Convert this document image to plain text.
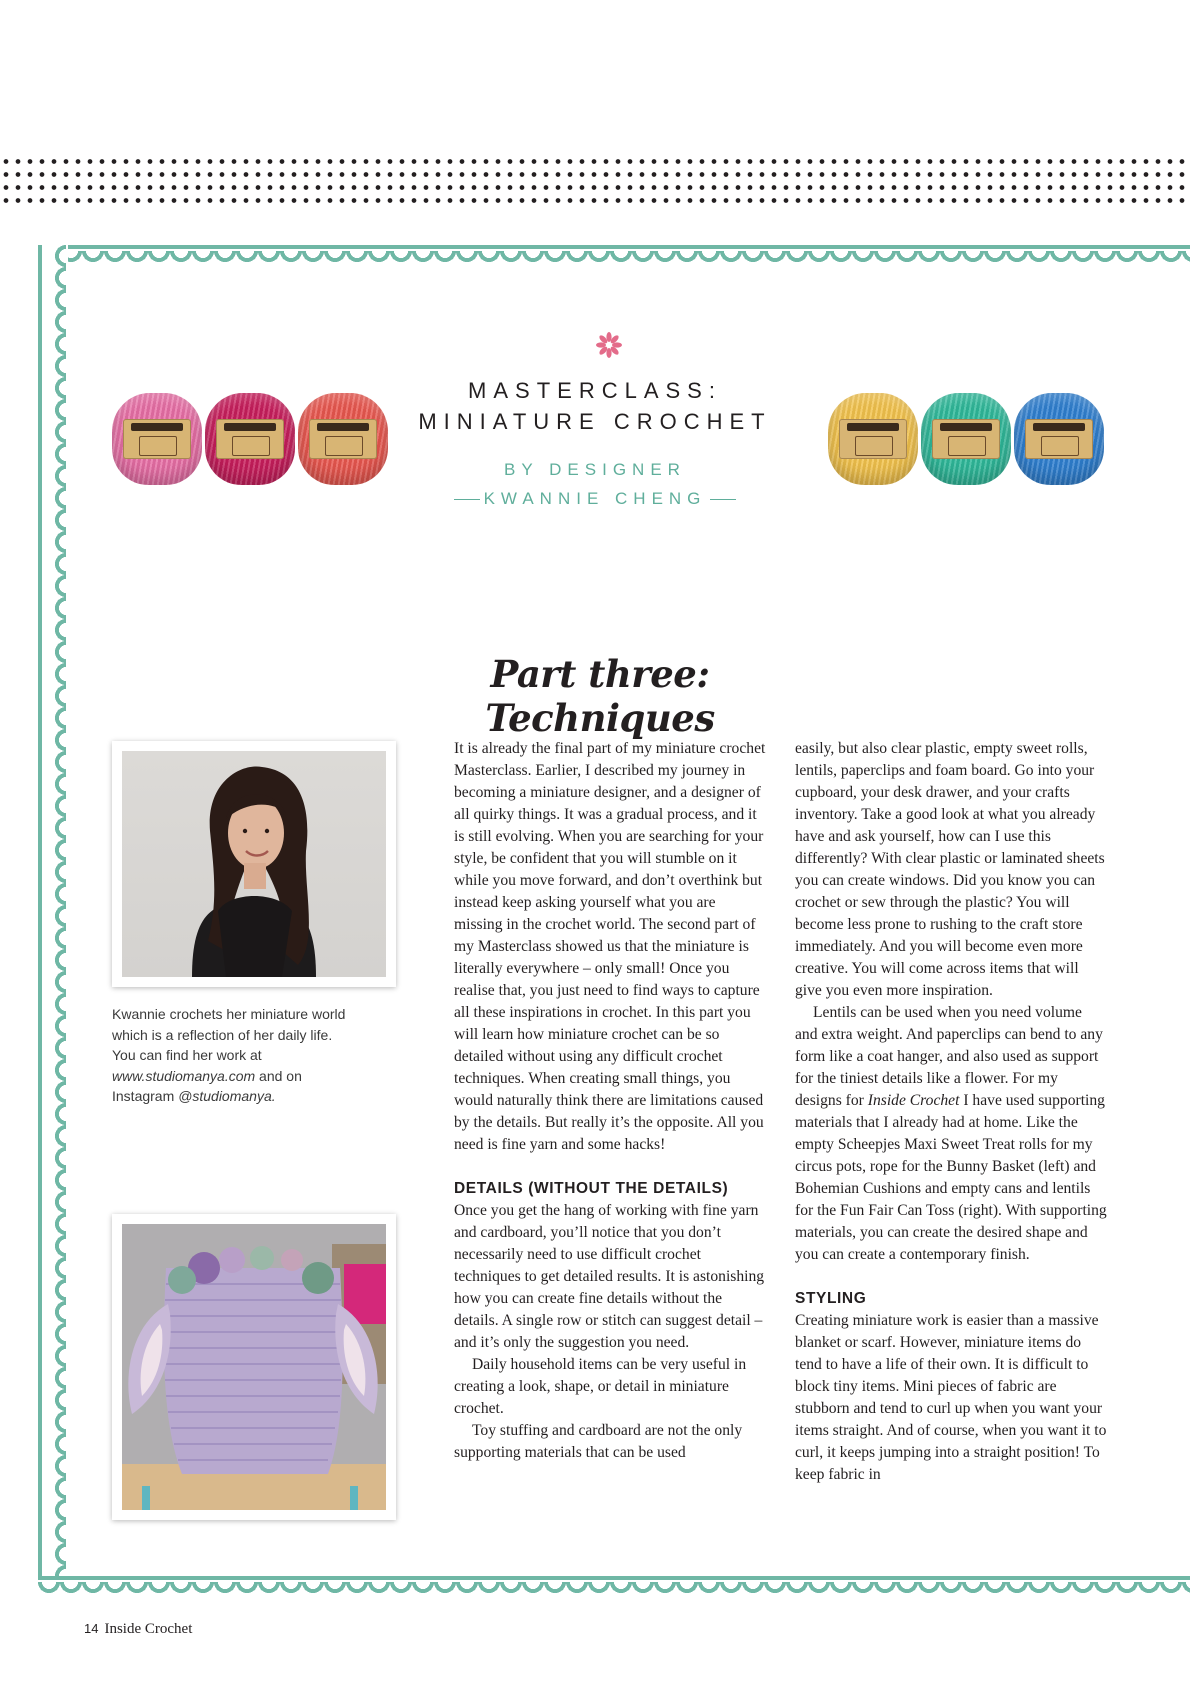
MASTERCLASS:
MINIATURE CROCHET
BY DESIGNER
KWANNIE CHENG
Part three: Techniques
Kwannie crochets her miniature world which is a reflection of her daily life. You can find her work at www.studiomanya.com and on Instagram @studiomanya.

It is already the final part of my miniature crochet Masterclass. Earlier, I described my journey in becoming a miniature designer, and a designer of all quirky things. It was a gradual process, and it is still evolving. When you are searching for your style, be confident that you will stumble on it while you move forward, and don’t overthink but instead keep asking yourself what you are missing in the crochet world. The second part of my Masterclass showed us that the miniature is literally everywhere – only small! Once you realise that, you just need to find ways to capture all these inspirations in crochet. In this part you will learn how miniature crochet can be so detailed without using any difficult crochet techniques. When creating small things, you would naturally think there are limitations caused by the details. But really it’s the opposite. All you need is fine yarn and some hacks!

DETAILS (WITHOUT THE DETAILS)

Once you get the hang of working with fine yarn and cardboard, you’ll notice that you don’t necessarily need to use difficult crochet techniques to get detailed results. It is astonishing how you can create fine details without the details. A single row or stitch can suggest detail – and it’s only the suggestion you need.

Daily household items can be very useful in creating a look, shape, or detail in miniature crochet.

Toy stuffing and cardboard are not the only supporting materials that can be used

easily, but also clear plastic, empty sweet rolls, lentils, paperclips and foam board. Go into your cupboard, your desk drawer, and your crafts inventory. Take a good look at what you already have and ask yourself, how can I use this differently? With clear plastic or laminated sheets you can create windows. Did you know you can crochet or sew through the plastic? You will become less prone to rushing to the craft store immediately. And you will become even more creative. You will come across items that will give you even more inspiration.

Lentils can be used when you need volume and extra weight. And paperclips can bend to any form like a coat hanger, and also used as support for the tiniest details like a flower. For my designs for Inside Crochet I have used supporting materials that I already had at home. Like the empty Scheepjes Maxi Sweet Treat rolls for my circus pots, rope for the Bunny Basket (left) and Bohemian Cushions and empty cans and lentils for the Fun Fair Can Toss (right). With supporting materials, you can create the desired shape and you can create a contemporary finish.

STYLING

Creating miniature work is easier than a massive blanket or scarf. However, miniature items do tend to have a life of their own. It is difficult to block tiny items. Mini pieces of fabric are stubborn and tend to curl up when you want your items straight. And of course, when you want it to curl, it keeps jumping into a straight position! To keep fabric in

14 Inside Crochet
